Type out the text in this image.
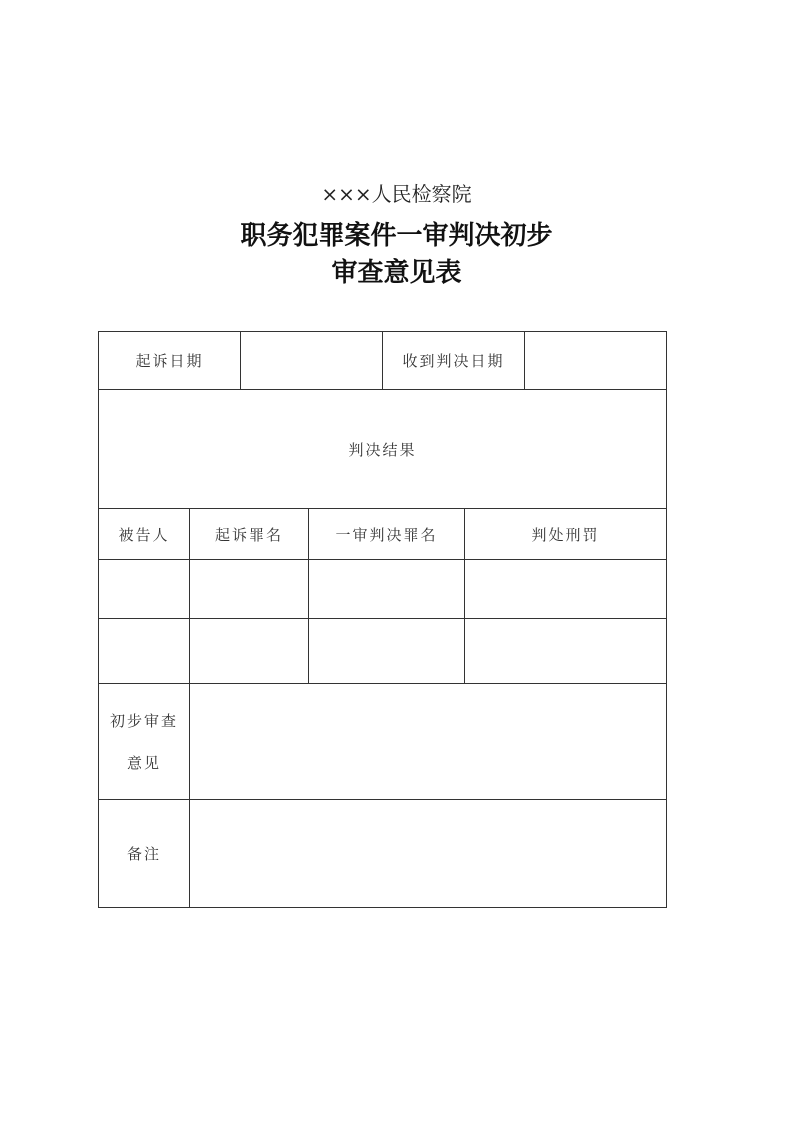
×××人民检察院
职务犯罪案件一审判决初步
审查意见表
起诉日期				收到判决日期		
判决结果						
被告人	起诉罪名		一审判决罪名		判处刑罚	

初步审查
意见						

备注						
